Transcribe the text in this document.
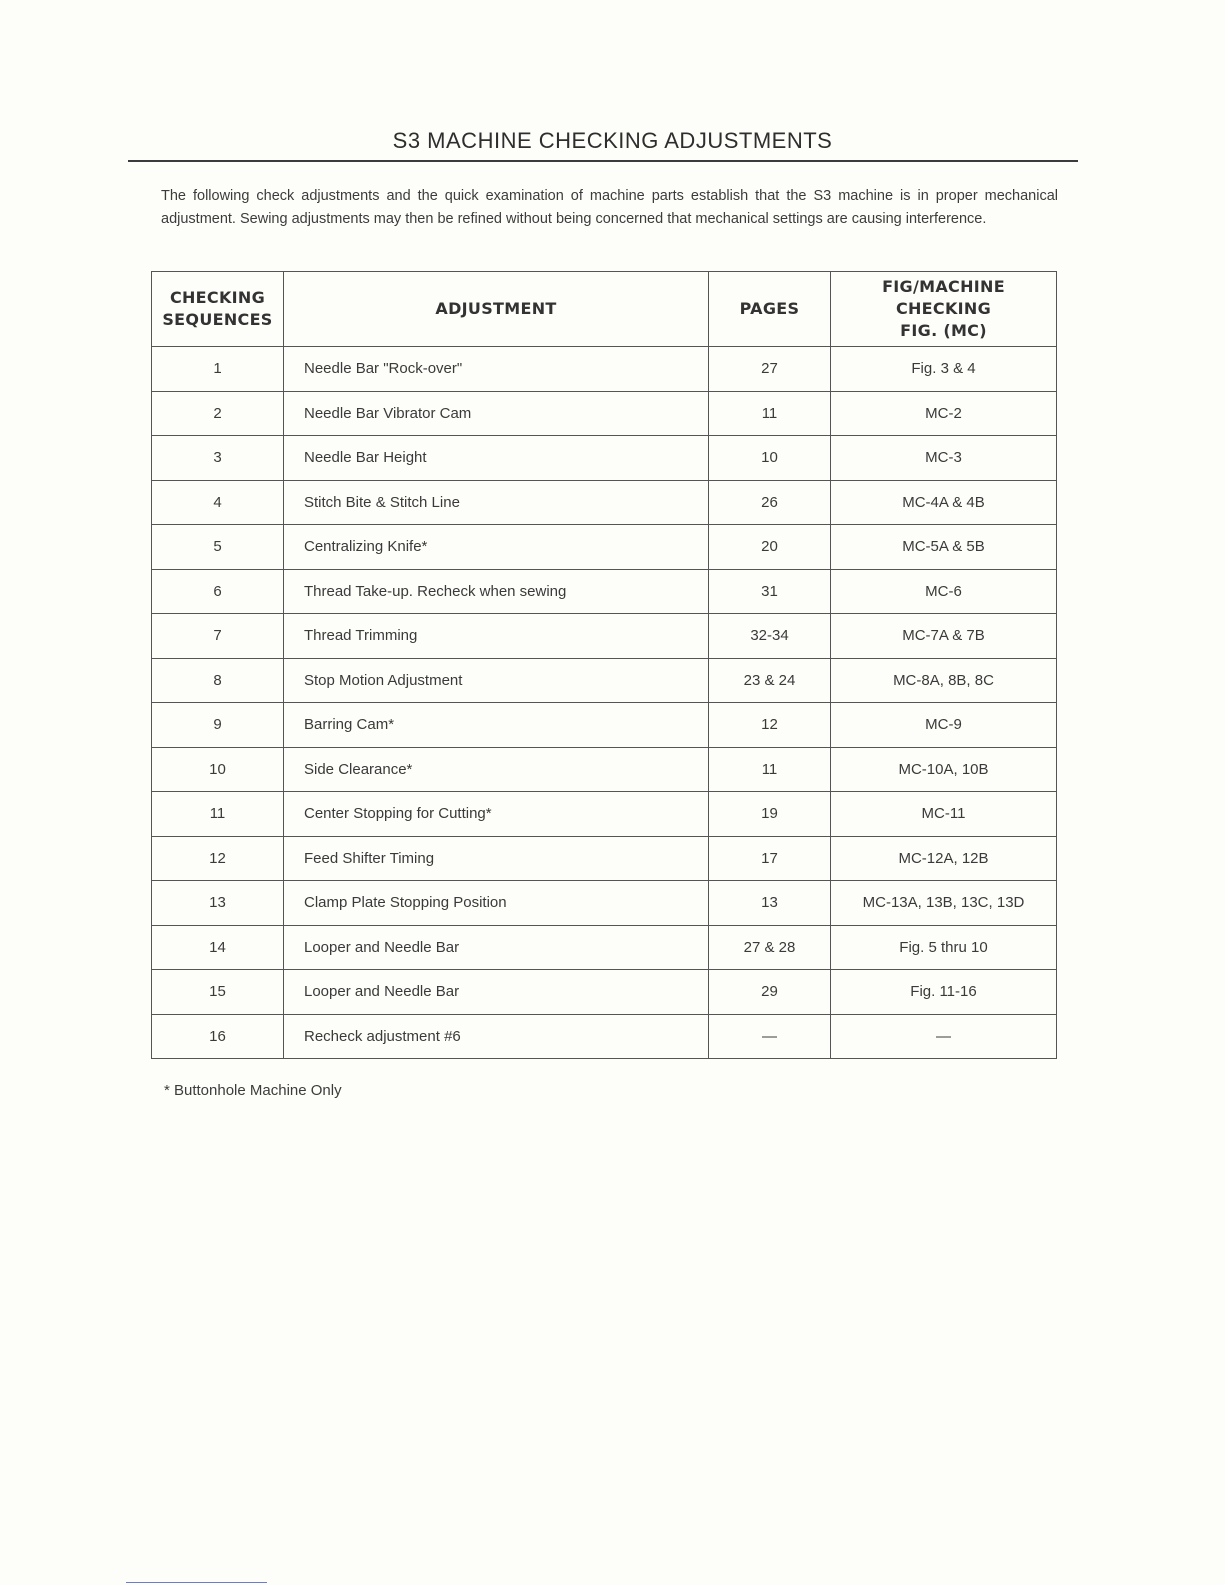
S3 MACHINE CHECKING ADJUSTMENTS

The following check adjustments and the quick examination of machine parts establish that the S3 machine is in proper mechanical adjustment. Sewing adjustments may then be refined without being concerned that mechanical settings are causing interference.

CHECKING
SEQUENCES	ADJUSTMENT	PAGES	FIG/MACHINE
CHECKING
FIG. (MC)
1	Needle Bar "Rock-over"	27	Fig. 3 & 4
2	Needle Bar Vibrator Cam	11	MC-2
3	Needle Bar Height	10	MC-3
4	Stitch Bite & Stitch Line	26	MC-4A & 4B
5	Centralizing Knife*	20	MC-5A & 5B
6	Thread Take-up. Recheck when sewing	31	MC-6
7	Thread Trimming	32-34	MC-7A & 7B
8	Stop Motion Adjustment	23 & 24	MC-8A, 8B, 8C
9	Barring Cam*	12	MC-9
10	Side Clearance*	11	MC-10A, 10B
11	Center Stopping for Cutting*	19	MC-11
12	Feed Shifter Timing	17	MC-12A, 12B
13	Clamp Plate Stopping Position	13	MC-13A, 13B, 13C, 13D
14	Looper and Needle Bar	27 & 28	Fig. 5 thru 10
15	Looper and Needle Bar	29	Fig. 11-16
16	Recheck adjustment #6	—	—

* Buttonhole Machine Only
